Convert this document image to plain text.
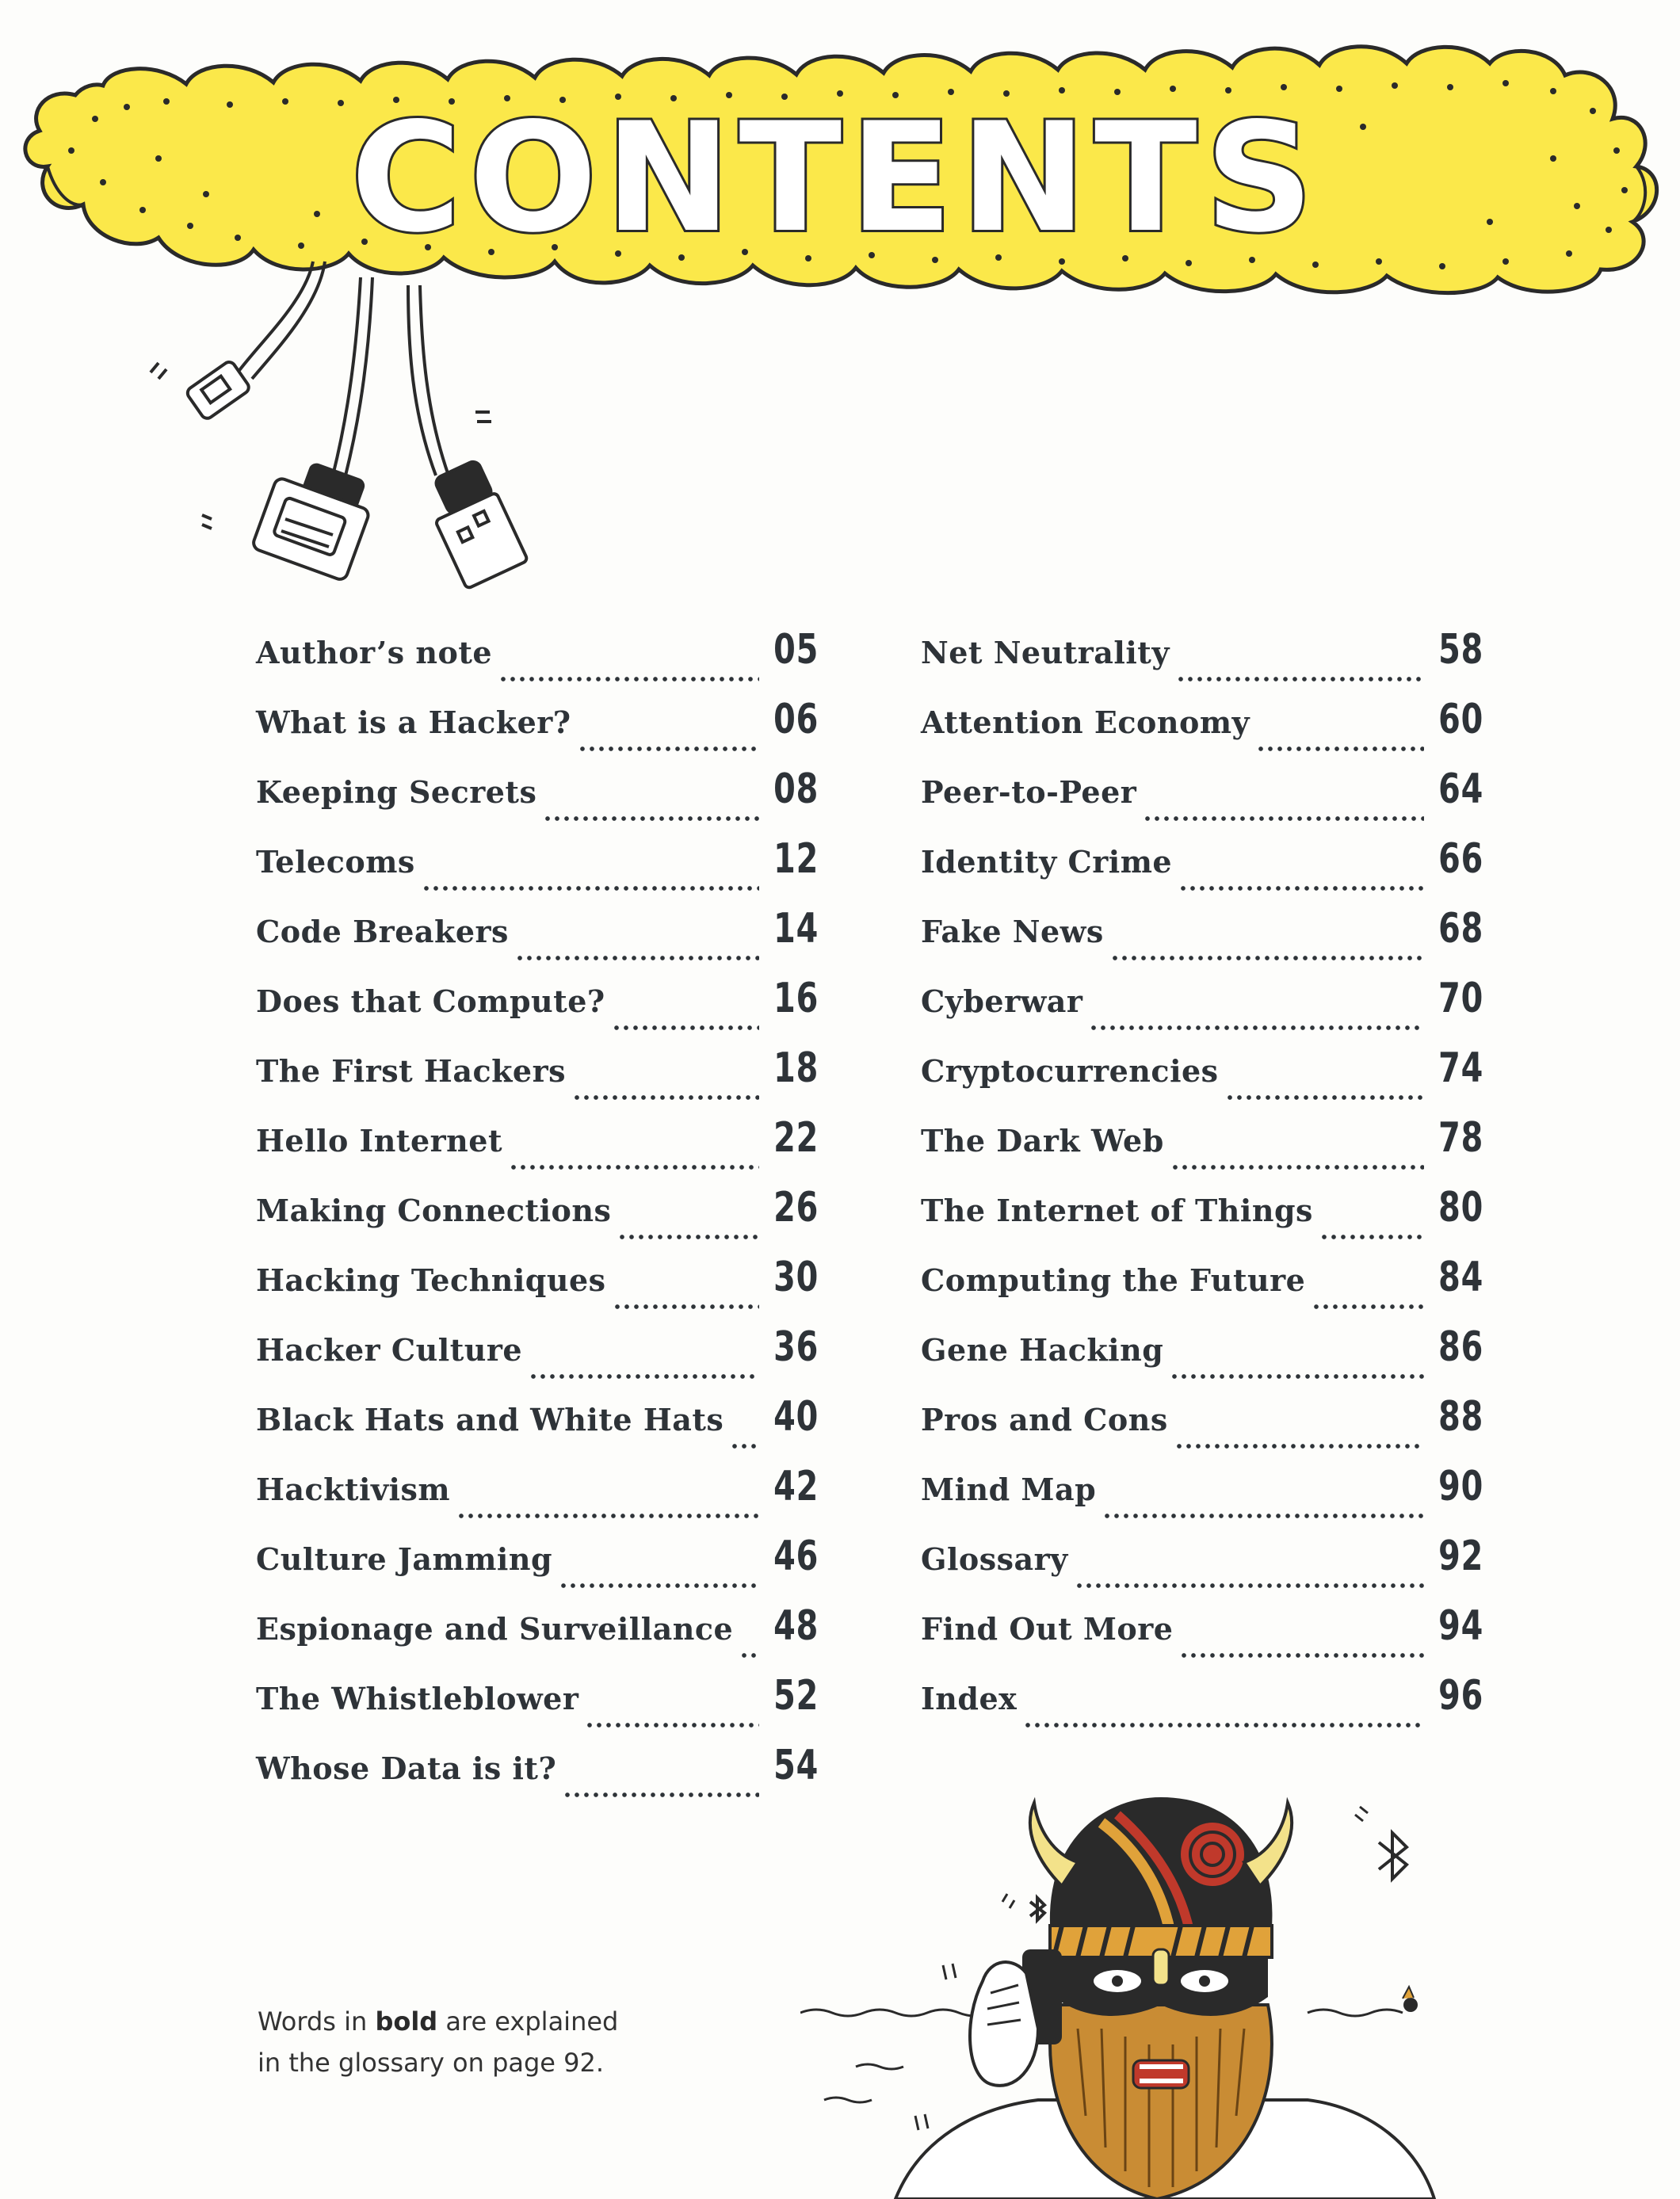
CONTENTS
Author’s note	05
What is a Hacker?	06
Keeping Secrets	08
Telecoms	12
Code Breakers	14
Does that Compute?	16
The First Hackers	18
Hello Internet	22
Making Connections	26
Hacking Techniques	30
Hacker Culture	36
Black Hats and White Hats 40
Hacktivism	42
Culture Jamming	46
Espionage and Surveillance 48
The Whistleblower	52
Whose Data is it?	54
Net Neutrality	58
Attention Economy	60
Peer-to-Peer	64
Identity Crime	66
Fake News	68
Cyberwar	70
Cryptocurrencies	74
The Dark Web	78
The Internet of Things	80
Computing the Future	84
Gene Hacking	86
Pros and Cons	88
Mind Map	90
Glossary	92
Find Out More	94
Index	96
Words in bold are explained
in the glossary on page 92.
